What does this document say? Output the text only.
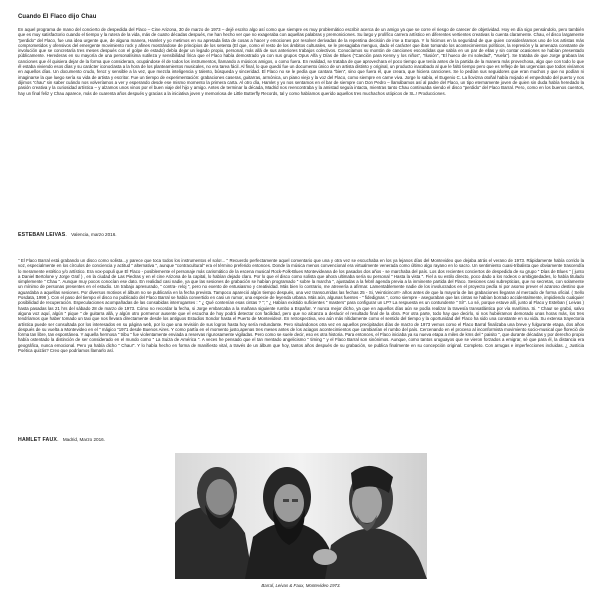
Cuando El Flaco dijo Chau

En aquel programa de mano del concierto de despedida del Flaco – Cine Arizona, 30 de marzo de 1973 – dejé escrito algo así como que siempre es muy problemático escribir acerca de un amigo ya que se corre el riesgo de carecer de objetividad. Hoy en día sigo pensándolo, pero también que es muy satisfactorio cuando el tiempo y la rutera de la vida, más de cuatro décadas después, me han hecho ver que no exageraba con aquellas palabras y premoniciones. Su largo y prolífico carrera artístico en diferentes vertientes creativas lo cuenta claramente. Chau, el disco largamente "perdido" del Flaco, fue una idea urgente que, de alguna manera, Hamlet y yo metimos en su apretada lista de cosas a hacer y emociones por resolver derivadas de la repentina decisión de irse a Europa. Y lo hicimos en la seguridad de que quien consideráramos uno de los artistas más comprometidos y ofensivos del emergente movimiento rock y afines mostrándose de principios de los setenta (El que, como el resto de los ámbitos culturales, se le presagiaba menguo, dado el carácter que iban tomando los acontecimientos políticos, la represión y la amenaza constante de involución que se concretaría tres meses después con el golpe de estado) debía dejar un legado propio, personal, más allá de sus anteriores trabajos colectivos. Conocíamos su montón de canciones escondidas que sabía en un par de ellas y sin contar ocasiones se habían presentado públicamente. Herederas en su mayoría de una personalísima sutileza y sensibilidad lírica que el Flaco había demostrado ya con sus grupos Opus Alfa y Días de Blues ("Canción para Kenny y los niños", "Ilusión", "El hueco de mi soledad", "Vuela"). Se trataba de que Jorge grabara las canciones que él quisiera dejar de la forma que considerara, ocupándose él de todos los instrumentos, llamando a músicos amigos, o como fuera. En realidad, se trataba de que aprovechara el poco tiempo que tenía antes de la partida de la manera más provechosa, algo que con todo lo que él estaba viviendo esos días y su carácter iconoclasta a la hora de los planteamientos musicales, no era tarea fácil. Al final, lo que quedó fue un documento único de un artista distinto y original, un producto inacabado al que le faltó tiempo pero que es reflejo de las urgencias que todos vivíamos en aquellos días. Un documento crudo, feroz y sensible a la vez, que mezcla inteligencia y talento, búsqueda y sinceridad. El Flaco no se le pedía que cantara "bien", sino que fuera él, que creara, que hiciera canciones. Se lo pedían sus seguidores que eran muchos y que no podían ni imaginarse la que luego sería su vida de artista y escritor. Fue un tiempo de experimentación: grabaciones caseras, guitarras, armónica, un piano viejo y la voz del Flaco, como siempre en carne viva. Jorge lo sabía, el Eugenio C. La llovizna otoñal había mojado el empedrado del puerto y nos dijimos "chau" sin saber cuándo nos volveríamos a ver y esperando desde ese mismo momento la primera carta. Al otro día, Hamlet y yo nos sentamos en el bar de siempre con Don Pedro – llamábamos así al padre del Flaco, un tipo eternamente joven de quien sin duda había heredado la pasión creativa y la curiosidad artística – y alzamos unos vinos por el buen viaje del hijo y amigo. Antes de terminar la década, Madrid nos reencontraba y la amistad seguía intacta, mientras tanto Chau continuaba siendo el disco "perdido" del Flaco Barral. Pero, como en los buenos cuentos, hay un final feliz y Chau aparece, más de cuarenta años después y gracias a la iniciativa joven y memoriosa de Little Butterfly Records, tal y como habíamos querido aquellos tres muchachos utópicos de SL.! Producciones.

ESTEBAN LEIVAS.   Valencia, marzo 2016.

" El Flaco Barral está grabando un disco como solista...y parece que toca todos los instrumentos el solo!... " Recuerdo perfectamente aquel comentario que una y otra vez se escuchaba en los ya lejanos días del Montevideo que dejaba atrás el verano de 1973. Rápidamente había corrido la voz, especialmente en los círculos de conciencia y actitud " alternativa ", aunque "contracultural" era el término preferido entonces. Donde la música menos convencional era virtualmente venerada como último algo rayano en lo sacro. Un sentimiento cuasi-tribalista que obviamente trascendía lo meramente estético y/o artístico. Era vox-populi que El Flaco - posiblemente el personaje más carismático de la escena musical Rock-Folk-Blues Montevideana de los pasados dos años - se marchaba del país. Los dos recientes conciertos de despedida de su grupo " Días de Blues " ( junto a Daniel Bertolone y Jorge Graf ) , en la ciudad de Las Piedras y en el cine Arizona de la capital, lo habían dejado claro. Por lo que el disco como solista que ahora ultimaba sería su personal " Hasta la vista ". Fiel a su estilo directo, poco dado a los rodeos o ambigüedades, lo había titulado simplemente " Chau ". Aunque muy pocos conocían ese dato. En realidad casi nadie, ya que las sesiones de grabación se habían programado " sobre la marcha ", ajustadas a la febril agenda previa a la inminente partida del Flaco. Sesiones casi subrepticias, que no secretas, con solamente un mínimo de personas presentes en el estudio. Un trabajo apresurado, " contra- reloj ", pero no exento de entusiasmo y creatividad. Más bien lo contrario, me atrevería a afirmar. Lamentablemente nadie de los involucrados en el proyecto pedía ni por asomo prever el azaroso destino que aguardaba a aquellas sesiones. Por diversos motivos el álbum no se publicaría en la fecha prevista. Tampoco apareció algún tiempo después, una vez transcurridas las fechas 25 - Si, Veinticinco!!!- años antes de que la mayoría de las grabaciones llegaran al mercado de forma oficial. ( Sello Posdata, 1998 ). Con el paso del tiempo el disco no publicado del Flaco Barral se había convertido en casi un rumor, una especie de leyenda urbana. Más aún, algunas fuentes - " fidedignas ", como siempre - aseguraban que las cintas se habían borrado accidentalmente, impidiendo cualquier posibilidad de recuperación. Especulaciones acompañadas de las consabidas interrogantes : " ¿ Qué contenían esas cintas ? "; " ¿ Habían existido suficientes " masters" para configurar un LP? La respuesta es un contundente " Sí!". Lo sé, porque estuve allí, junto al Flaco y Esteban ( Leivas ) hasta pasadas las 21 hrs del sábado 28 de marzo de 1973. Cómo no recordar la fecha, si Jorge embarcaba a la mañana siguiente rumbo a España!. Y nunca mejor dicho, ya que en aquellos días aún se podía realizar la travesía transatlántica por vía marítima. Si. " Chau! se grabó, salvo alguna voz aquí, algún " pique " de guitarra allá, y algún otro pormenor ausente que el escucha de hoy podrá detectar con facilidad, pero que no alcanza a deslucir el resultado final de la obra. Por otra parte, todo hay que decirlo, si nos hubiéramos demorado unas horas más, los tres tendríamos que haber tomado un taxi que nos llevara directamente desde los antiguos Estudios Sondor hasta el Puerto de Montevideo!. En retrospectiva, veo aún más nítidamente como el sentido del tiempo y la oportunidad del Flaco ha sido una constante en su vida. Su extensa trayectoria artística puede ser consultada por los interesados en su página web, por lo que una revisión de sus logros hasta hoy sería redundante. Pero situándonos otra vez en aquellos precipitados días de marzo de 1973 vemos como el Flaco Barral finalizaba una breve y fulgurante etapa, dos años después de su vuelta a Montevideo en el " mágico "1971 desde Buenos Aires. Y como partía en el momento justo,apenas tres meses antes de los aciagos acontecimientos que cambiarían el rumbo del país. Cercenando en el proceso al inconformista movimiento socio-musical que floreció de forma tan libre, tan espontánea. Y aquella hermosa " tribu " fue violentamente enviada a reservas rigurosamente vigiladas. Pero como se suele decir, eso es otra historia. Para entonces, el Flaco iniciaba ya su nueva etapa a miles de kms del " paisito ", que durante décadas y por derecho propio había ostentado la distinción de ser considerado en el mundo como " La Suiza de América ". A veces he pensado que el tan mentado angelicismo " timing " y el Flaco Barral son sinónimos. Aunque, como tantos uruguayos que se vieron forzados a emigrar, sé que para él, la distancia era geográfica, nunca emocional. Pero ya había dicho " Chau!". Y lo había hecho en forma de manifiesto vital, a través de un álbum que hoy, tantos años después de su grabación, se publica finalmente en su concepción original. Completo. Con arrugas e imperfecciones incluidas. ¿ Justicia Poética quizás? Creo que podríamos llamarlo así.

HAMLET FAUX.   Madrid, Marzo 2016.
Barral, Leivas & Faux, Montevideo 1973.
